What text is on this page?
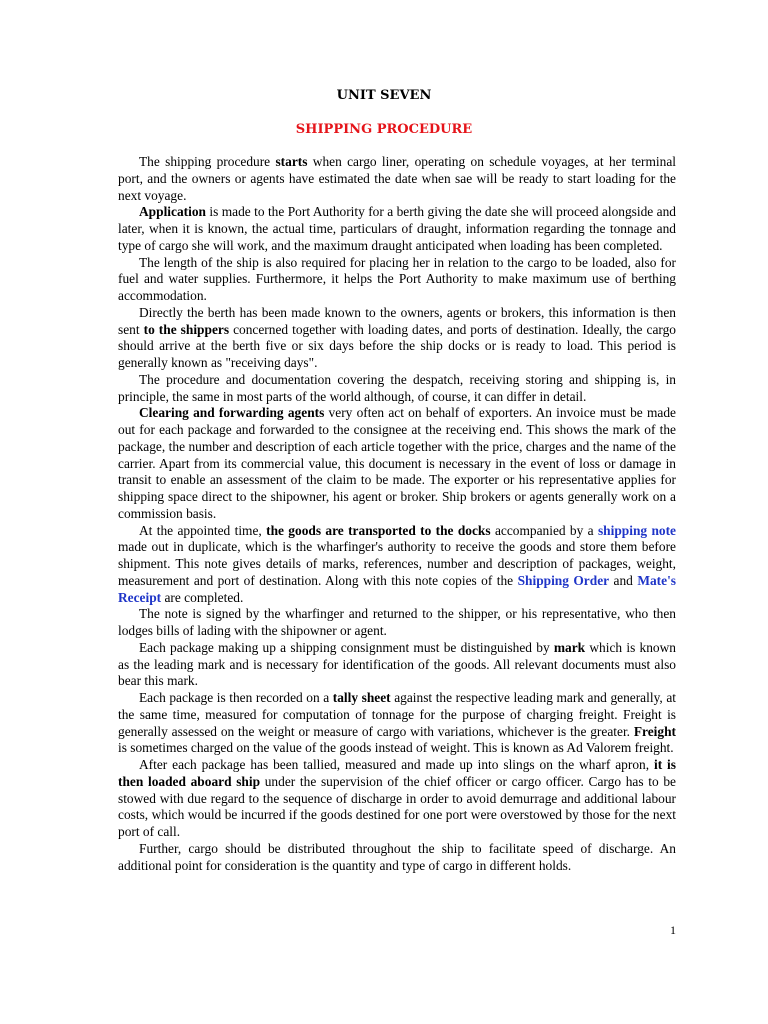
UNIT SEVEN
SHIPPING PROCEDURE

The shipping procedure starts when cargo liner, operating on schedule voyages, at her terminal port, and the owners or agents have estimated the date when sae will be ready to start loading for the next voyage.

Application is made to the Port Authority for a berth giving the date she will proceed alongside and later, when it is known, the actual time, particulars of draught, information regarding the tonnage and type of cargo she will work, and the maximum draught anticipated when loading has been completed.

The length of the ship is also required for placing her in relation to the cargo to be loaded, also for fuel and water supplies. Furthermore, it helps the Port Authority to make maximum use of berthing accommodation.

Directly the berth has been made known to the owners, agents or brokers, this information is then sent to the shippers concerned together with loading dates, and ports of destination. Ideally, the cargo should arrive at the berth five or six days before the ship docks or is ready to load. This period is generally known as "receiving days".

The procedure and documentation covering the despatch, receiving storing and shipping is, in principle, the same in most parts of the world although, of course, it can differ in detail.

Clearing and forwarding agents very often act on behalf of exporters. An invoice must be made out for each package and forwarded to the consignee at the receiving end. This shows the mark of the package, the number and description of each article together with the price, charges and the name of the carrier. Apart from its commercial value, this document is necessary in the event of loss or damage in transit to enable an assessment of the claim to be made. The exporter or his representative applies for shipping space direct to the shipowner, his agent or broker. Ship brokers or agents generally work on a commission basis.

At the appointed time, the goods are transported to the docks accompanied by a shipping note made out in duplicate, which is the wharfinger's authority to receive the goods and store them before shipment. This note gives details of marks, references, number and description of packages, weight, measurement and port of destination. Along with this note copies of the Shipping Order and Mate's Receipt are completed.

The note is signed by the wharfinger and returned to the shipper, or his representative, who then lodges bills of lading with the shipowner or agent.

Each package making up a shipping consignment must be distinguished by mark which is known as the leading mark and is necessary for identification of the goods. All relevant documents must also bear this mark.

Each package is then recorded on a tally sheet against the respective leading mark and generally, at the same time, measured for computation of tonnage for the purpose of charging freight. Freight is generally assessed on the weight or measure of cargo with variations, whichever is the greater. Freight is sometimes charged on the value of the goods instead of weight. This is known as Ad Valorem freight.

After each package has been tallied, measured and made up into slings on the wharf apron, it is then loaded aboard ship under the supervision of the chief officer or cargo officer. Cargo has to be stowed with due regard to the sequence of discharge in order to avoid demurrage and additional labour costs, which would be incurred if the goods destined for one port were overstowed by those for the next port of call.

Further, cargo should be distributed throughout the ship to facilitate speed of discharge. An additional point for consideration is the quantity and type of cargo in different holds.

1
